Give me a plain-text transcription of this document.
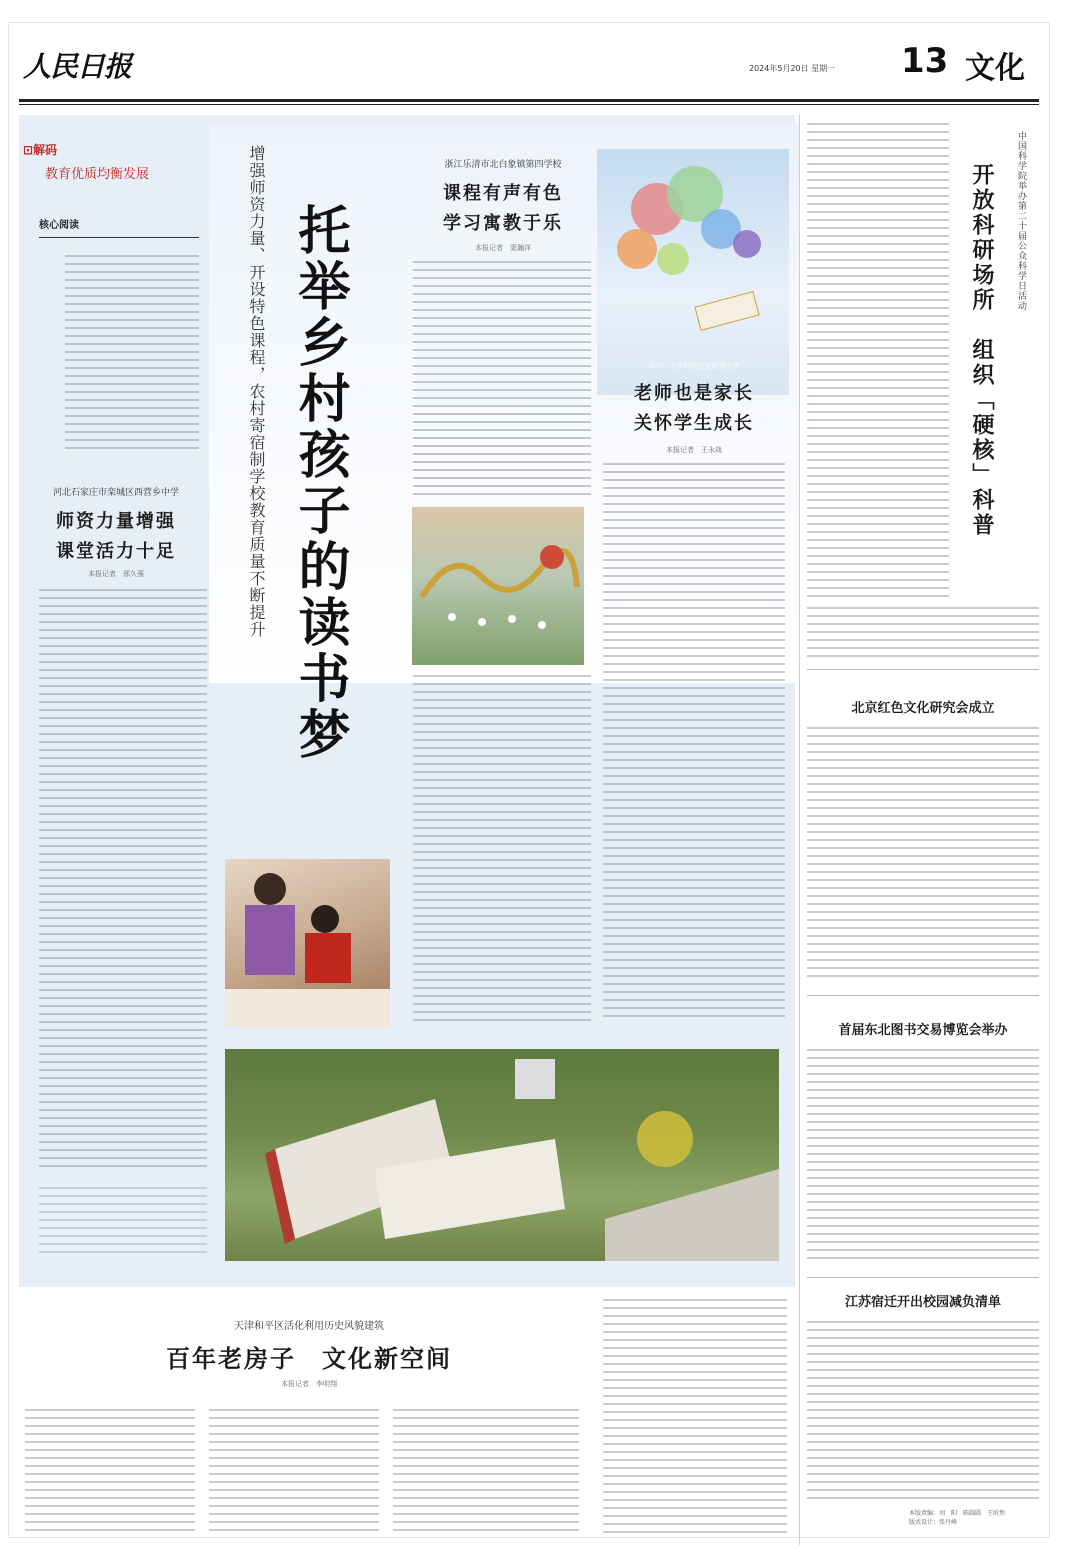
人民日报	2024年5月20日 星期一 13 文化
⊡解码
教育优质均衡发展
核心阅读
河北石家庄市栾城区西营乡中学
师资力量增强
课堂活力十足
本报记者　邢久强	增强师资力量、开设特色课程，农村寄宿制学校教育质量不断提升 托举乡村孩子的读书梦
浙江乐清市北白象镇第四学校
课程有声有色
学习寓教于乐
本报记者　窦瀚洋
四川广元市利州区宝轮镇中学
老师也是家长
关怀学生成长
本报记者　王永战
中国科学院举办第二十届公众科学日活动
开放科研场所　组织「硬核」科普
北京红色文化研究会成立
首届东北图书交易博览会举办
江苏宿迁开出校园减负清单
本版责编：刘　阳　陈圆圆　王昕然
版式设计：张丹峰
天津和平区活化利用历史风貌建筑
百年老房子　文化新空间
本报记者　李明翔
